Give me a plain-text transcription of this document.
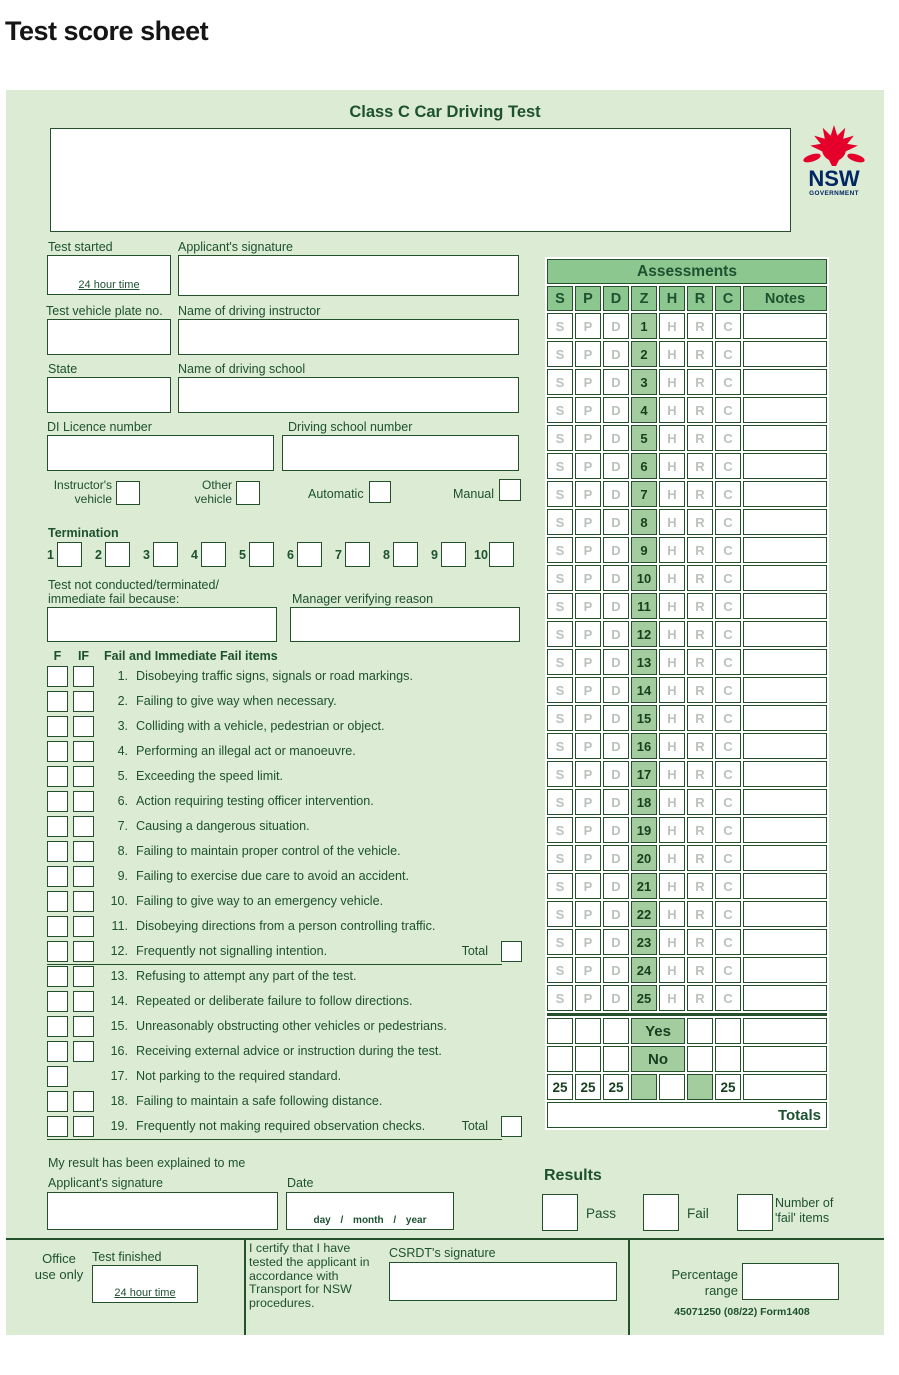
Test score sheet
Class C Car Driving Test
NSW
GOVERNMENT
Test started
24 hour time
Applicant's signature
Test vehicle plate no. Name of driving instructor
State	Name of driving school
DI Licence number	Driving school number
Instructor's vehicle
Other vehicle	Automatic	Manual
Termination
1	2	3	4	5	6	7	8	9	10
Test not conducted/terminated/
immediate fail because:	Manager verifying reason
F	IF	Fail and Immediate Fail items
1. Disobeying traffic signs, signals or road markings.
2. Failing to give way when necessary.
3. Colliding with a vehicle, pedestrian or object.
4. Performing an illegal act or manoeuvre.
5. Exceeding the speed limit.
6. Action requiring testing officer intervention.
7. Causing a dangerous situation.
8. Failing to maintain proper control of the vehicle.
9. Failing to exercise due care to avoid an accident.
10. Failing to give way to an emergency vehicle.
11. Disobeying directions from a person controlling traffic.
12. Frequently not signalling intention.	Total
13. Refusing to attempt any part of the test.
14. Repeated or deliberate failure to follow directions.
15. Unreasonably obstructing other vehicles or pedestrians.
16. Receiving external advice or instruction during the test.
17. Not parking to the required standard.
18. Failing to maintain a safe following distance.
19. Frequently not making required observation checks.	Total
My result has been explained to me
Applicant's signature	Date
day / month / year
Assessments							
S	P	D	Z	H	R	C	Notes
S	P	D	1	H	R	C	
S	P	D	2	H	R	C	
S	P	D	3	H	R	C	
S	P	D	4	H	R	C	
S	P	D	5	H	R	C	
S	P	D	6	H	R	C	
S	P	D	7	H	R	C	
S	P	D	8	H	R	C	
S	P	D	9	H	R	C	
S	P	D	10	H	R	C	
S	P	D	11	H	R	C	
S	P	D	12	H	R	C	
S	P	D	13	H	R	C	
S	P	D	14	H	R	C	
S	P	D	15	H	R	C	
S	P	D	16	H	R	C	
S	P	D	17	H	R	C	
S	P	D	18	H	R	C	
S	P	D	19	H	R	C	
S	P	D	20	H	R	C	
S	P	D	21	H	R	C	
S	P	D	22	H	R	C	
S	P	D	23	H	R	C	
S	P	D	24	H	R	C	
S	P	D	25	H	R	C	

			Yes				
			No				
25	25	25				25	
Totals							
Results
Pass	Fail
Number of
'fail' items
Office use only
Test finished
24 hour time
I certify that I have tested the applicant in accordance with Transport for NSW procedures.
CSRDT's signature
Percentage
range
45071250 (08/22) Form1408
